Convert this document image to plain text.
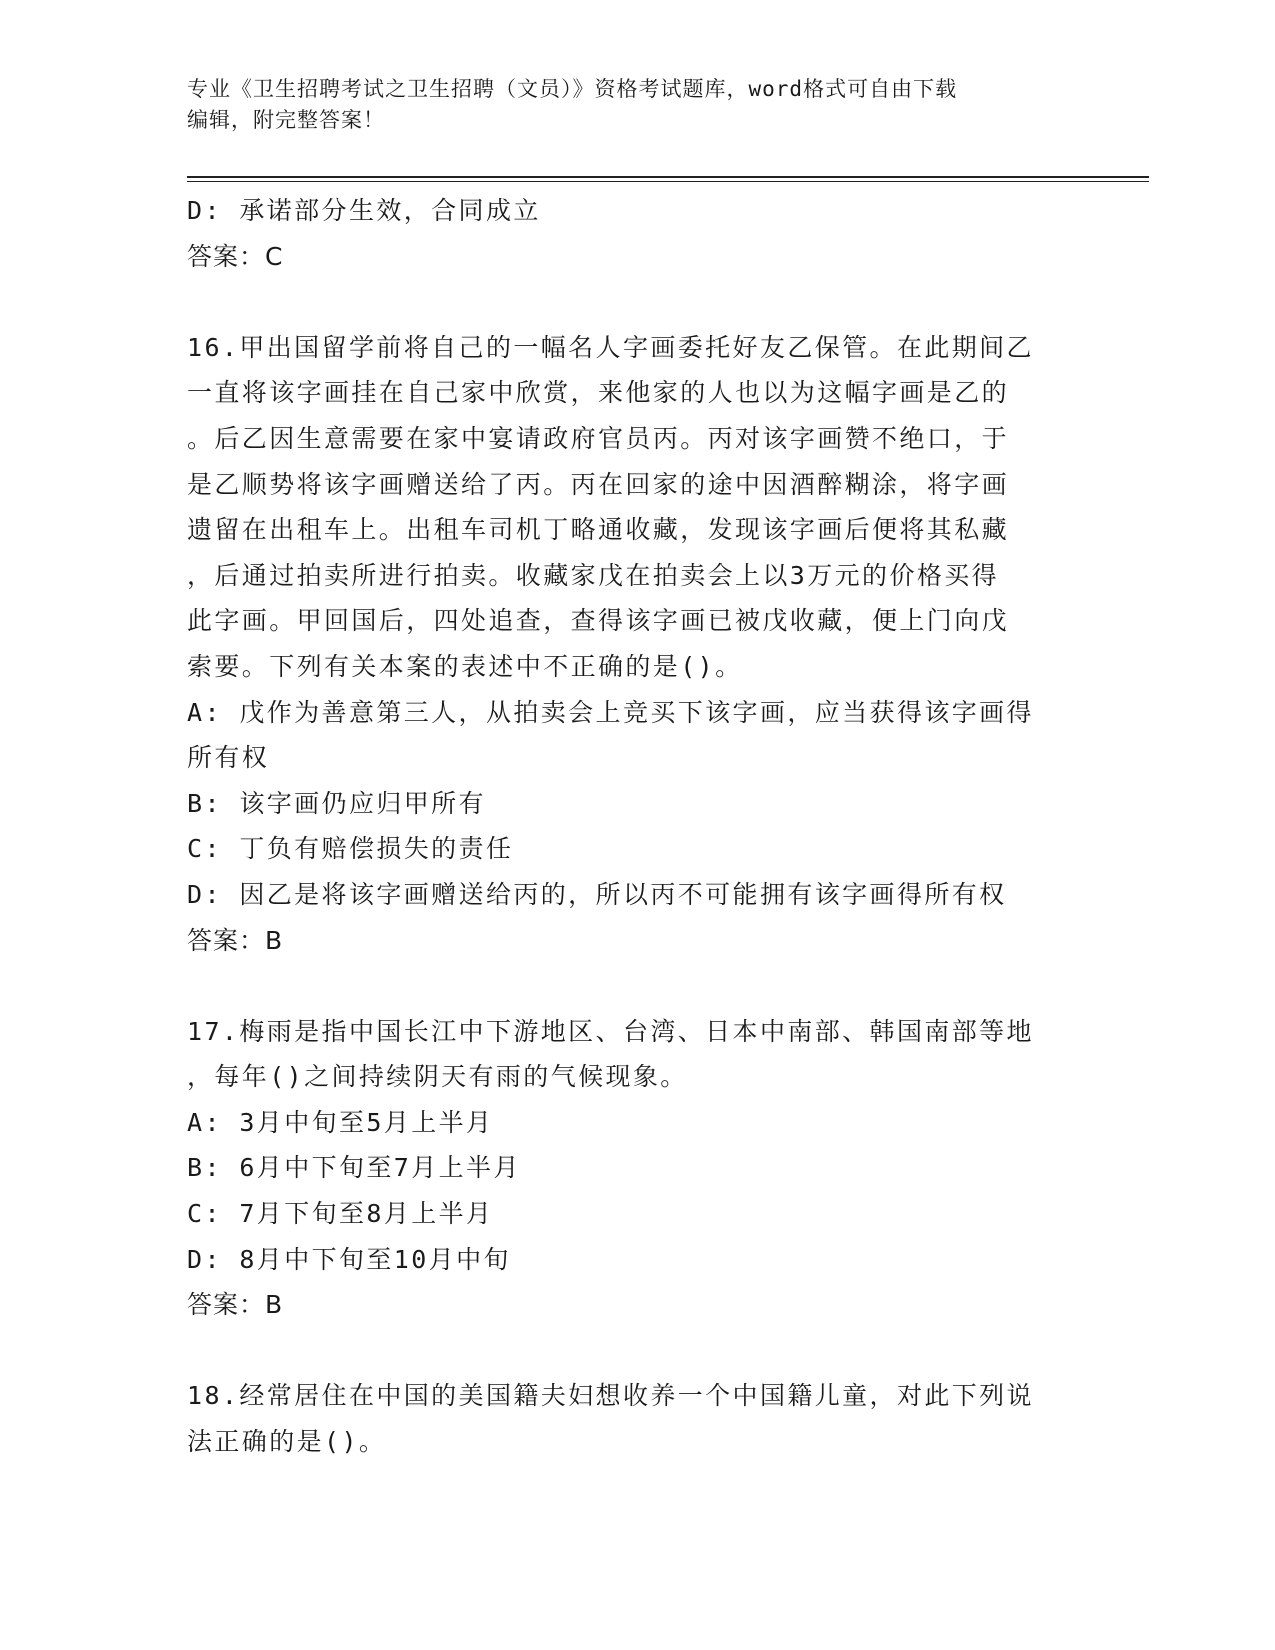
专业《卫生招聘考试之卫生招聘（文员）》资格考试题库，word格式可自由下载
编辑，附完整答案！
D: 承诺部分生效，合同成立
答案：C
16.甲出国留学前将自己的一幅名人字画委托好友乙保管。在此期间乙
一直将该字画挂在自己家中欣赏，来他家的人也以为这幅字画是乙的
。后乙因生意需要在家中宴请政府官员丙。丙对该字画赞不绝口，于
是乙顺势将该字画赠送给了丙。丙在回家的途中因酒醉糊涂，将字画
遗留在出租车上。出租车司机丁略通收藏，发现该字画后便将其私藏
，后通过拍卖所进行拍卖。收藏家戊在拍卖会上以3万元的价格买得
此字画。甲回国后，四处追查，查得该字画已被戊收藏，便上门向戊
索要。下列有关本案的表述中不正确的是()。
A: 戊作为善意第三人，从拍卖会上竞买下该字画，应当获得该字画得
所有权
B: 该字画仍应归甲所有
C: 丁负有赔偿损失的责任
D: 因乙是将该字画赠送给丙的，所以丙不可能拥有该字画得所有权
答案：B
17.梅雨是指中国长江中下游地区、台湾、日本中南部、韩国南部等地
，每年()之间持续阴天有雨的气候现象。
A: 3月中旬至5月上半月
B: 6月中下旬至7月上半月
C: 7月下旬至8月上半月
D: 8月中下旬至10月中旬
答案：B
18.经常居住在中国的美国籍夫妇想收养一个中国籍儿童，对此下列说
法正确的是()。
